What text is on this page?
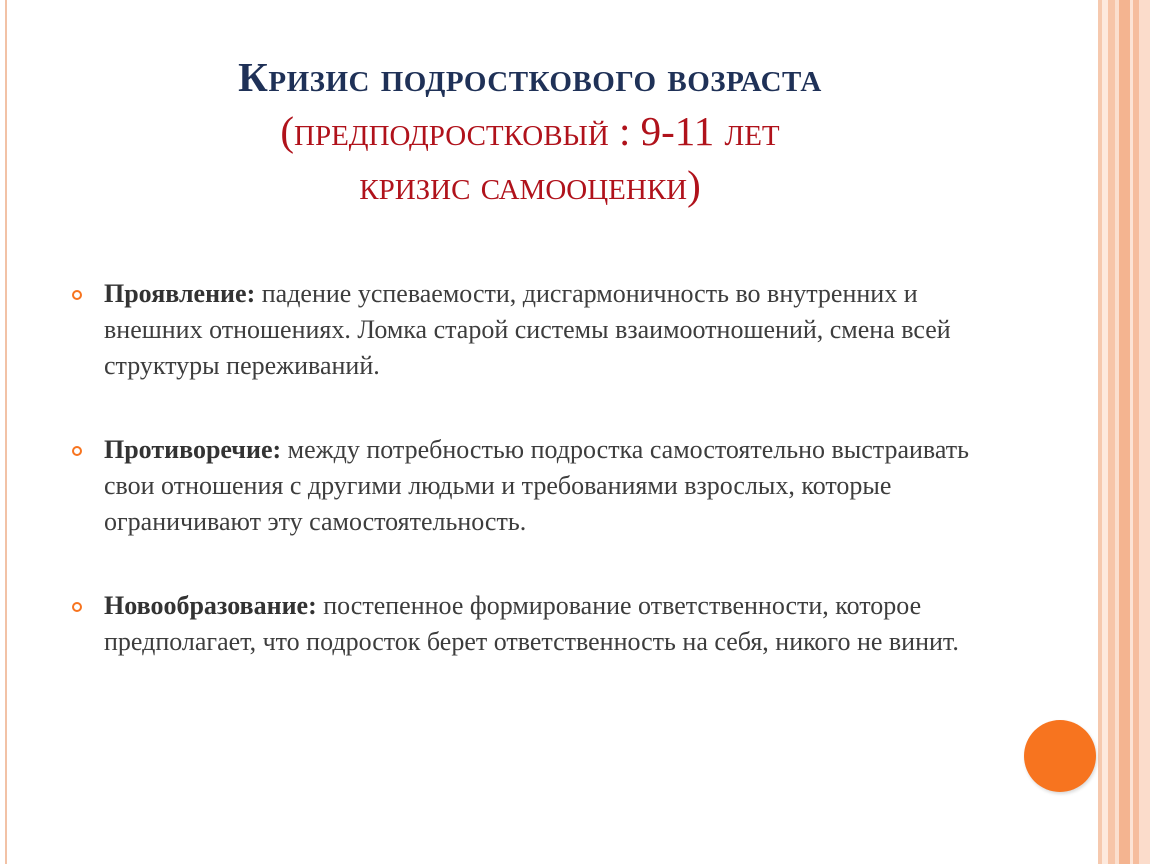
Кризис подросткового возраста
(предподростковый : 9-11 лет
кризис самооценки)
Проявление: падение успеваемости, дисгармоничность во внутренних и внешних отношениях. Ломка старой системы взаимоотношений, смена всей структуры переживаний.
Противоречие: между потребностью подростка самостоятельно выстраивать свои отношения с другими людьми и требованиями взрослых, которые ограничивают эту самостоятельность.
Новообразование: постепенное формирование ответственности, которое предполагает, что подросток берет ответственность на себя, никого не винит.
